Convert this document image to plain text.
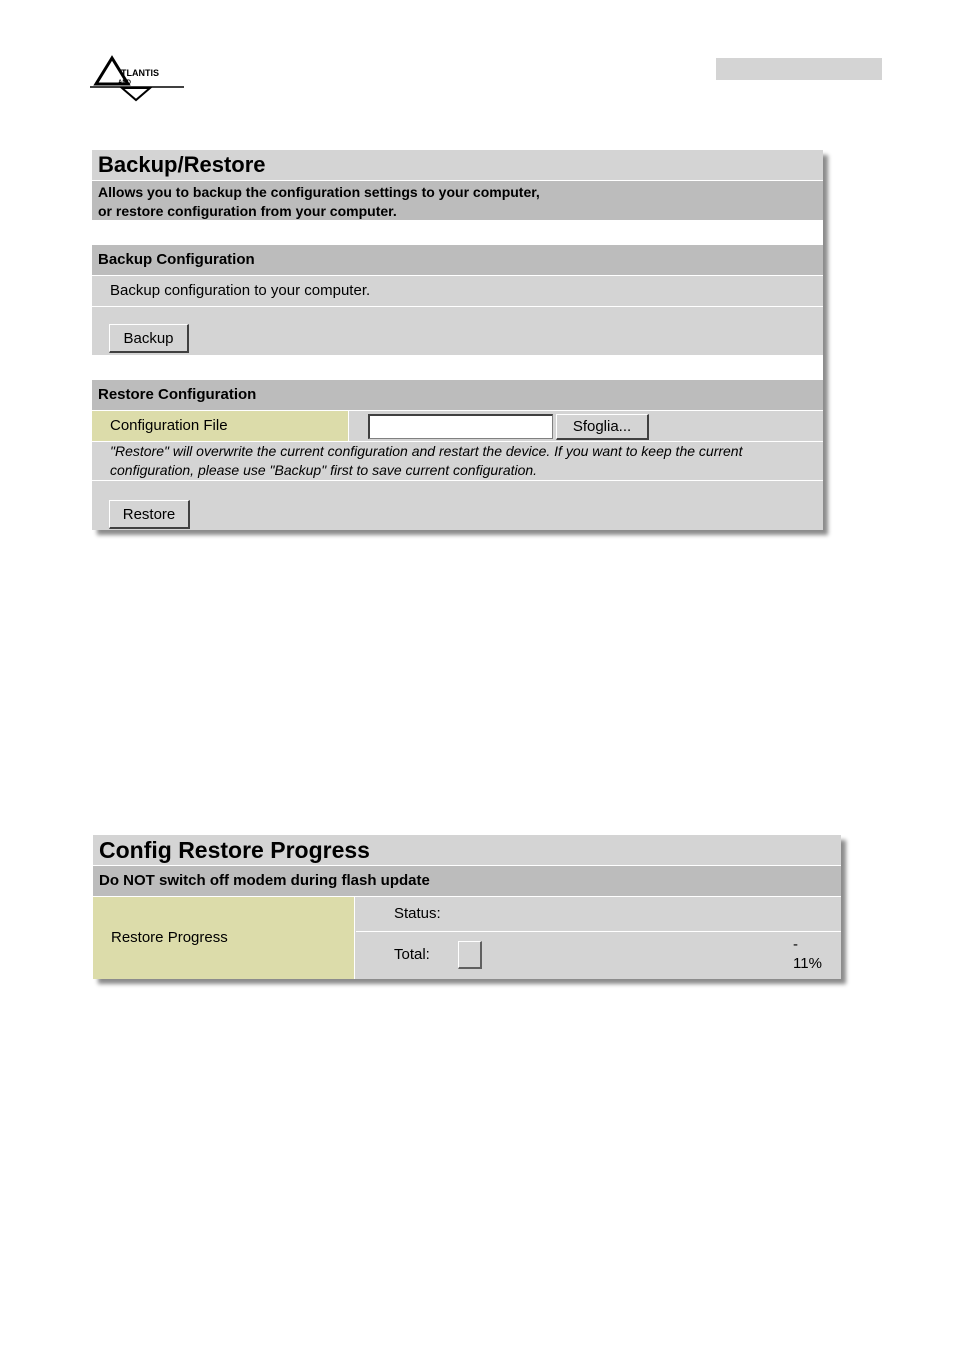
TLANTIS
AND
Backup/Restore
Allows you to backup the configuration settings to your computer,
or restore configuration from your computer.
Backup Configuration
Backup configuration to your computer.
Backup
Restore Configuration
Configuration File	Sfoglia...
"Restore" will overwrite the current configuration and restart the device. If you want to keep the current
configuration, please use "Backup" first to save current configuration.
Restore
Config Restore Progress
Do NOT switch off modem during flash update
Restore Progress
Status:
Total:
-
11%
